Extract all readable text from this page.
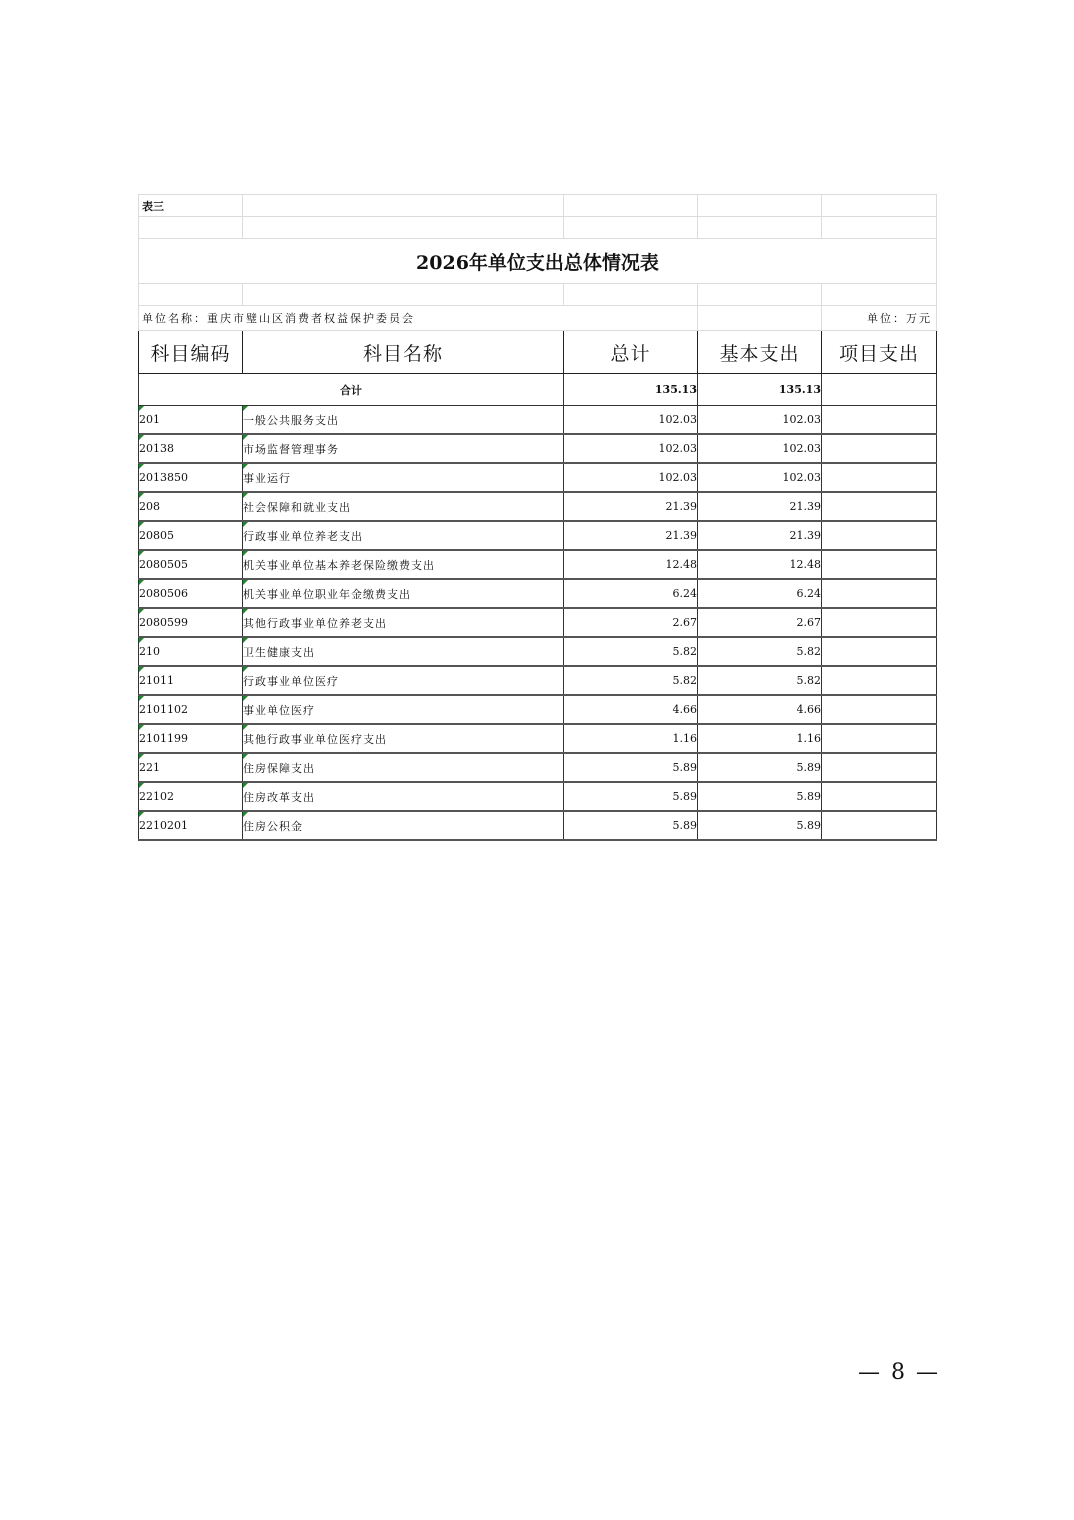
表三				

2026年单位支出总体情况表				

单位名称：重庆市璧山区消费者权益保护委员会				单位：万元
科目编码	科目名称	总计	基本支出	项目支出
合计		135.13	135.13	
201	一般公共服务支出	102.03	102.03	
20138	市场监督管理事务	102.03	102.03	
2013850	事业运行	102.03	102.03	
208	社会保障和就业支出	21.39	21.39	
20805	行政事业单位养老支出	21.39	21.39	
2080505	机关事业单位基本养老保险缴费支出	12.48	12.48	
2080506	机关事业单位职业年金缴费支出	6.24	6.24	
2080599	其他行政事业单位养老支出	2.67	2.67	
210	卫生健康支出	5.82	5.82	
21011	行政事业单位医疗	5.82	5.82	
2101102	事业单位医疗	4.66	4.66	
2101199	其他行政事业单位医疗支出	1.16	1.16	
221	住房保障支出	5.89	5.89	
22102	住房改革支出	5.89	5.89	
2210201	住房公积金	5.89	5.89	
— 8 —
